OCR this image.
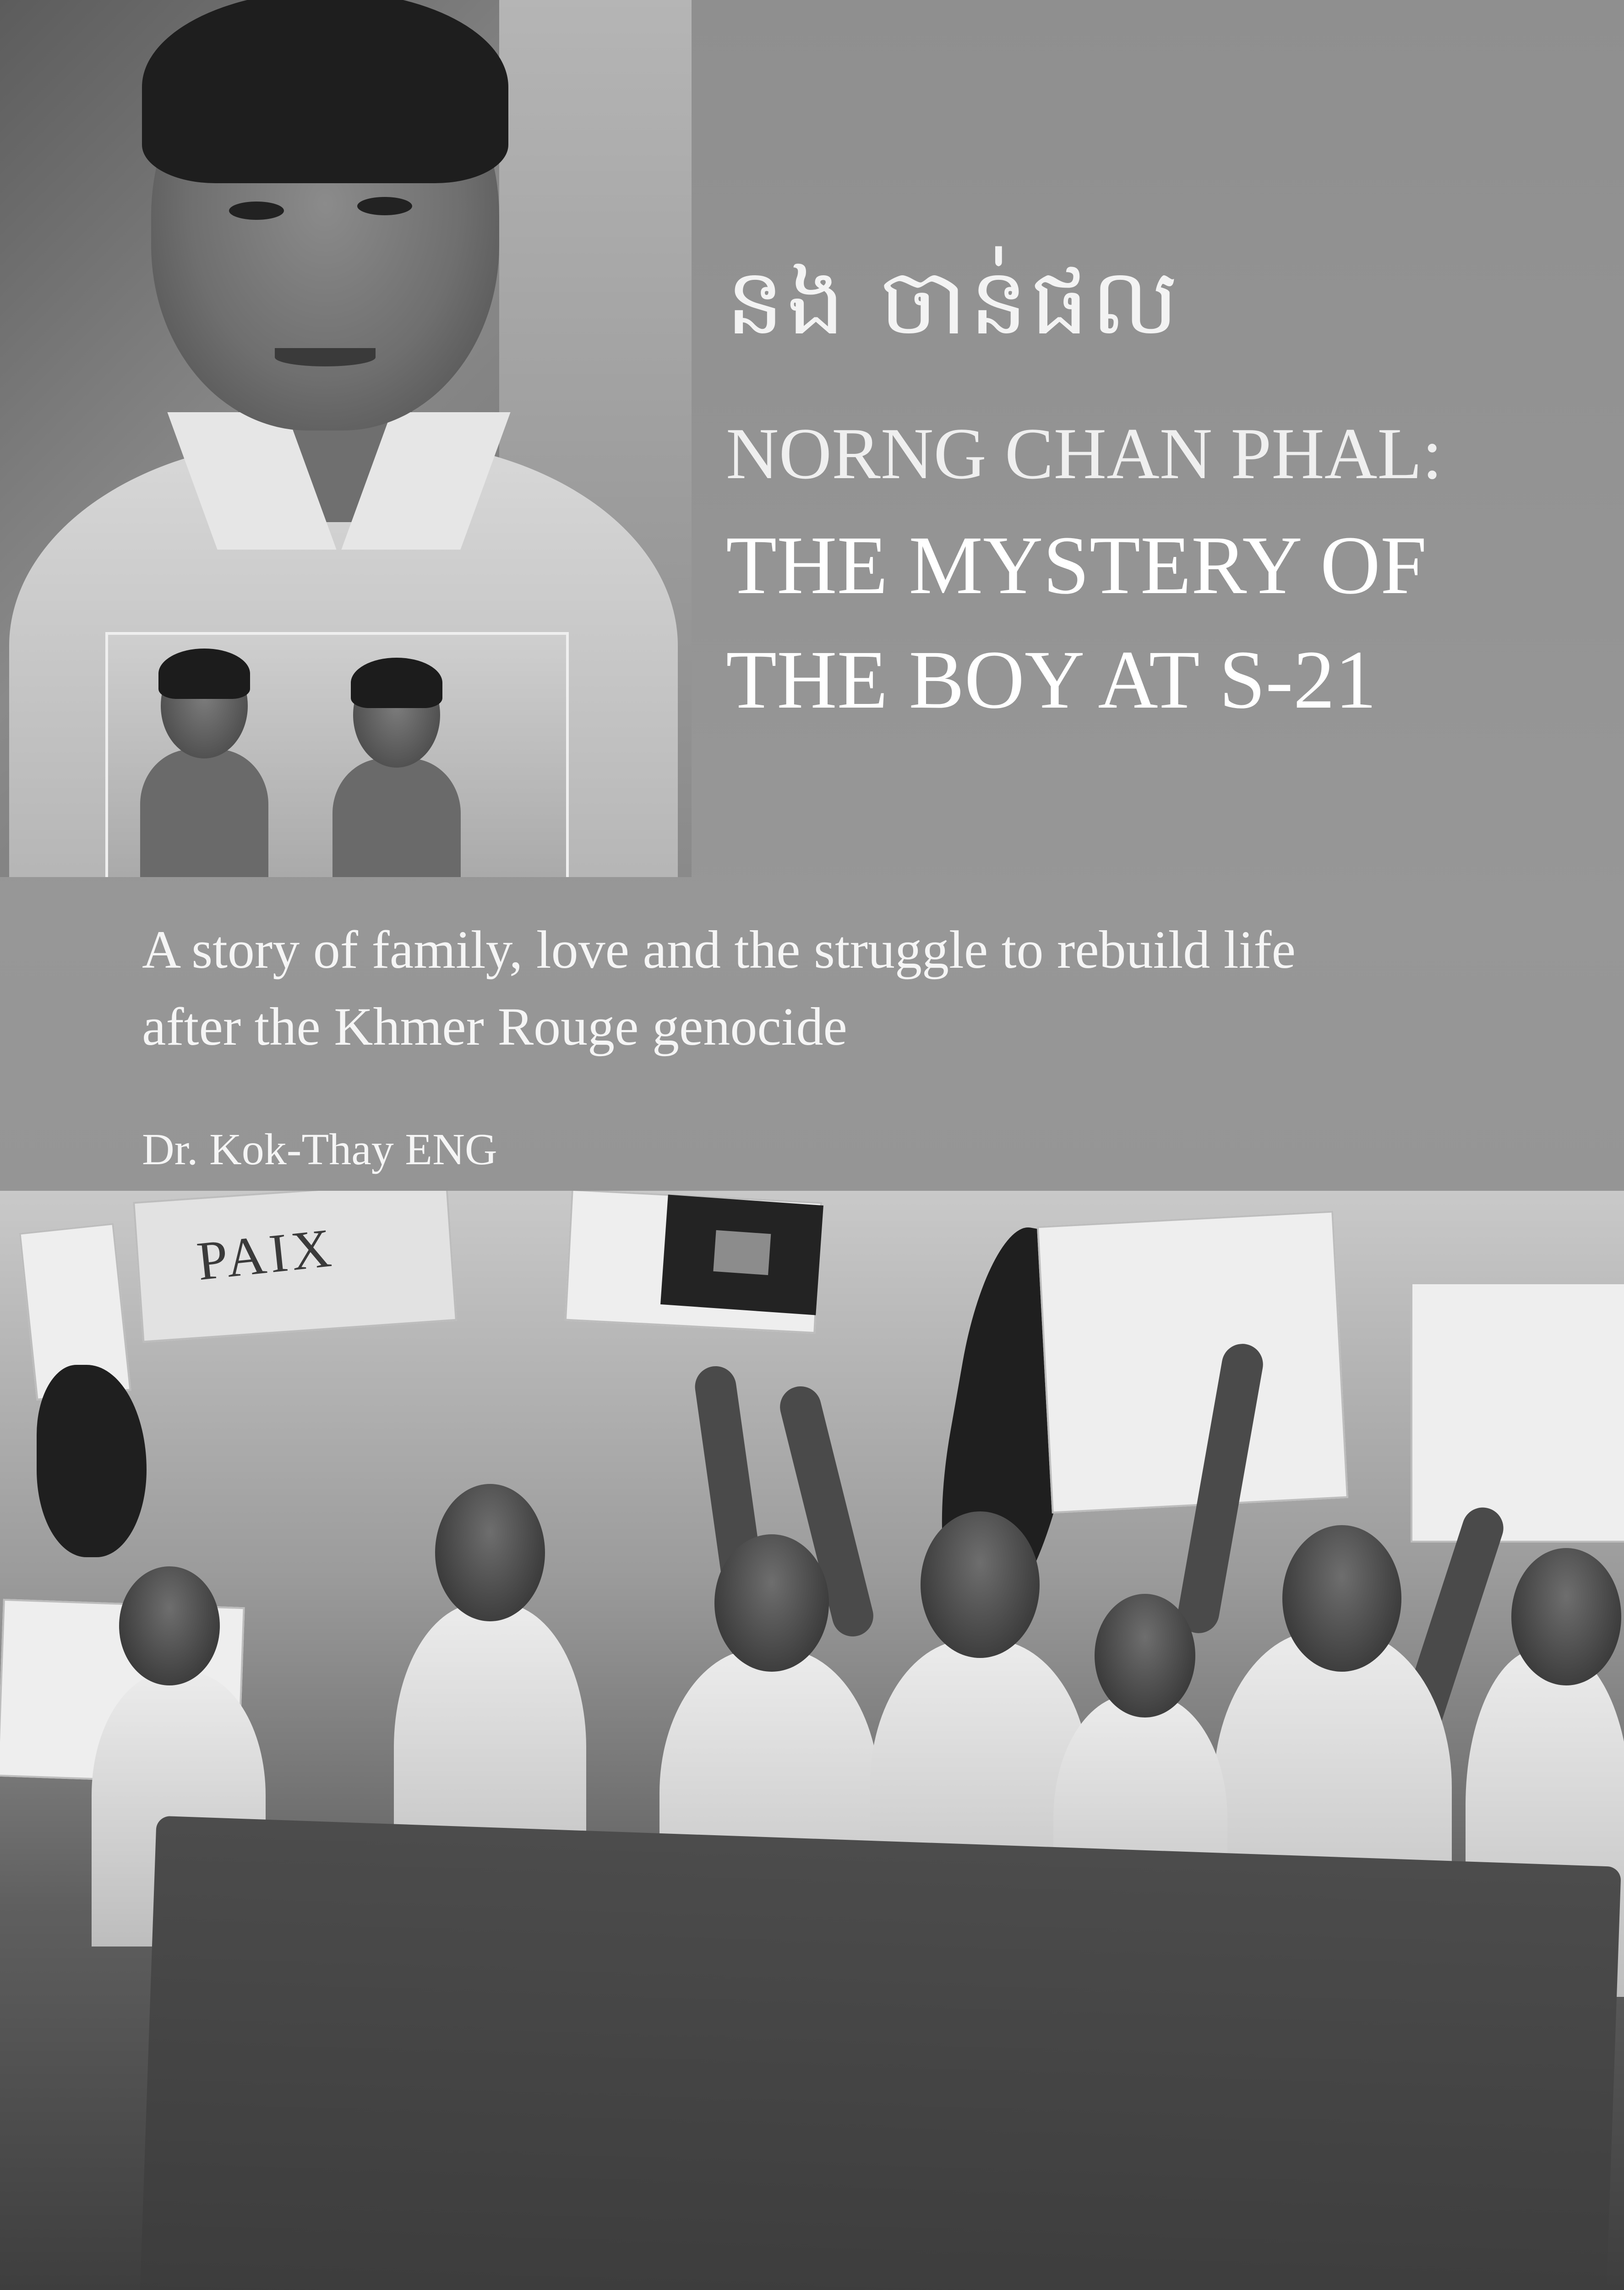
នង ចាន់ផល
NORNG CHAN PHAL:
THE MYSTERY OF
THE BOY AT S-21
A story of family, love and the struggle to rebuild life
after the Khmer Rouge genocide
Dr. Kok-Thay ENG
PAIX
